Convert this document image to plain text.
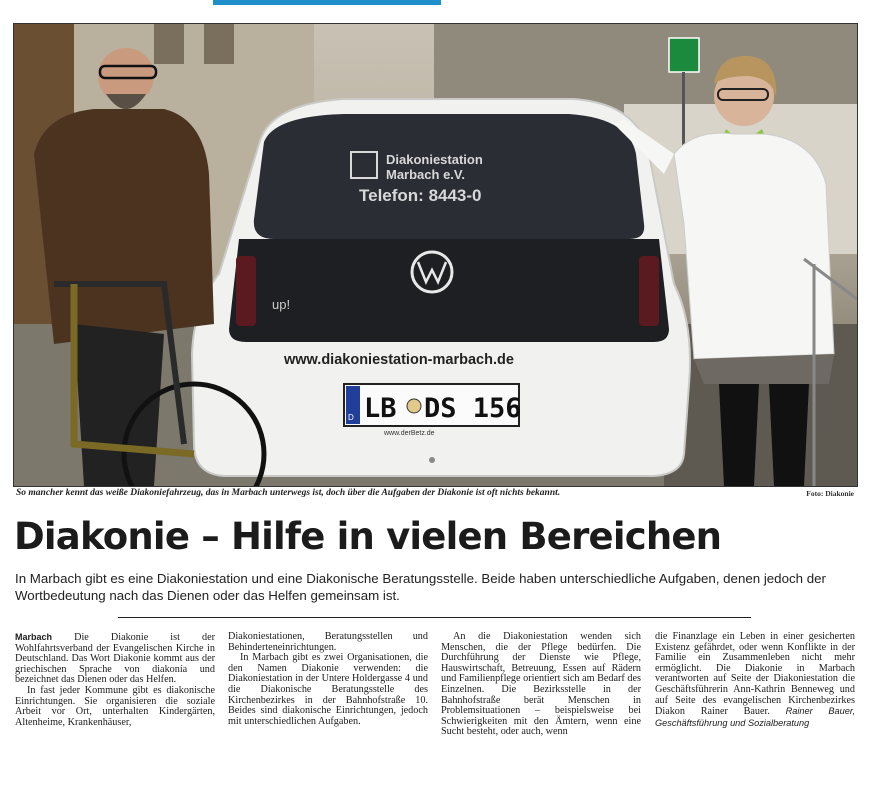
Diakoniestation
Marbach e.V.
Telefon: 8443-0
up!
www.diakoniestation-marbach.de
D LB DS 156
www.derBetz.de
So mancher kennt das weiße Diakoniefahrzeug, das in Marbach unterwegs ist, doch über die Aufgaben der Diakonie ist oft nichts bekannt.	Foto: Diakonie
Diakonie – Hilfe in vielen Bereichen
In Marbach gibt es eine Diakoniestation und eine Diakonische Beratungsstelle. Beide haben unterschiedliche Aufgaben, denen jedoch der Wortbedeutung nach das Dienen oder das Helfen gemeinsam ist.

Marbach Die Diakonie ist der Wohlfahrtsverband der Evangelischen Kirche in Deutschland. Das Wort Diakonie kommt aus der griechischen Sprache von diakonía und bezeichnet das Dienen oder das Helfen.

In fast jeder Kommune gibt es diakonische Einrichtungen. Sie organisieren die soziale Arbeit vor Ort, unterhalten Kindergärten, Altenheime, Krankenhäuser,

Diakoniestationen, Beratungsstellen und Behinderteneinrichtungen.

In Marbach gibt es zwei Organisationen, die den Namen Diakonie verwenden: die Diakoniestation in der Untere Holdergasse 4 und die Diakonische Beratungsstelle des Kirchenbezirkes in der Bahnhofstraße 10. Beides sind diakonische Einrichtungen, jedoch mit unterschiedlichen Aufgaben.

An die Diakoniestation wenden sich Menschen, die der Pflege bedürfen. Die Durchführung der Dienste wie Pflege, Hauswirtschaft, Betreuung, Essen auf Rädern und Familienpflege orientiert sich am Bedarf des Einzelnen. Die Bezirksstelle in der Bahnhofstraße berät Menschen in Problemsituationen – beispielsweise bei Schwierigkeiten mit den Ämtern, wenn eine Sucht besteht, oder auch, wenn

die Finanzlage ein Leben in einer gesicherten Existenz gefährdet, oder wenn Konflikte in der Familie ein Zusammenleben nicht mehr ermöglicht. Die Diakonie in Marbach verantworten auf Seite der Diakoniestation die Geschäftsführerin Ann-Kathrin Benneweg und auf Seite des evangelischen Kirchenbezirkes Diakon Rainer Bauer. Rainer Bauer, Geschäftsführung und Sozialberatung
